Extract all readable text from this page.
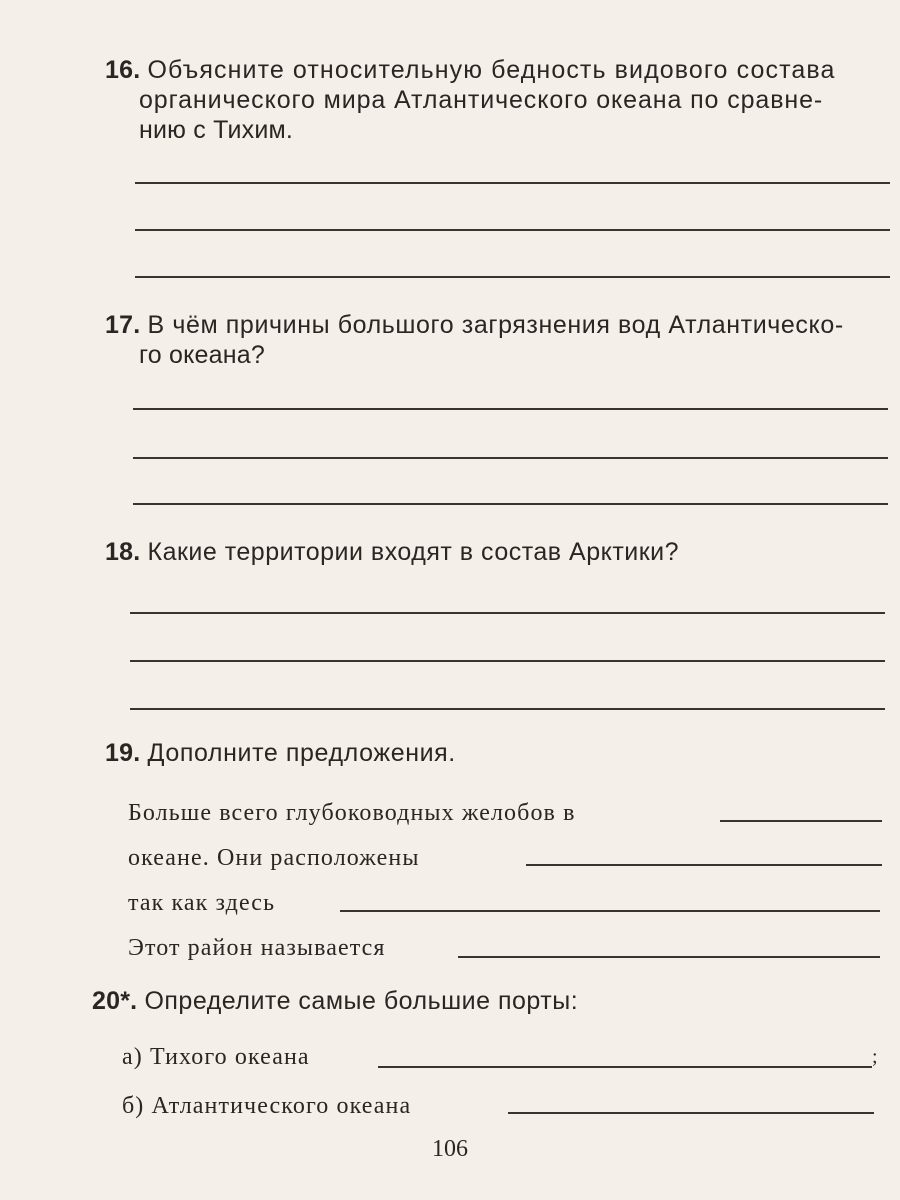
16. Объясните относительную бедность видового состава
органического мира Атлантического океана по сравне-
нию с Тихим.
17. В чём причины большого загрязнения вод Атлантическо-
го океана?
18. Какие территории входят в состав Арктики?
19. Дополните предложения.
Больше всего глубоководных желобов в
океане. Они расположены
так как здесь
Этот район называется
20*. Определите самые большие порты:
а) Тихого океана	;
б) Атлантического океана
106
